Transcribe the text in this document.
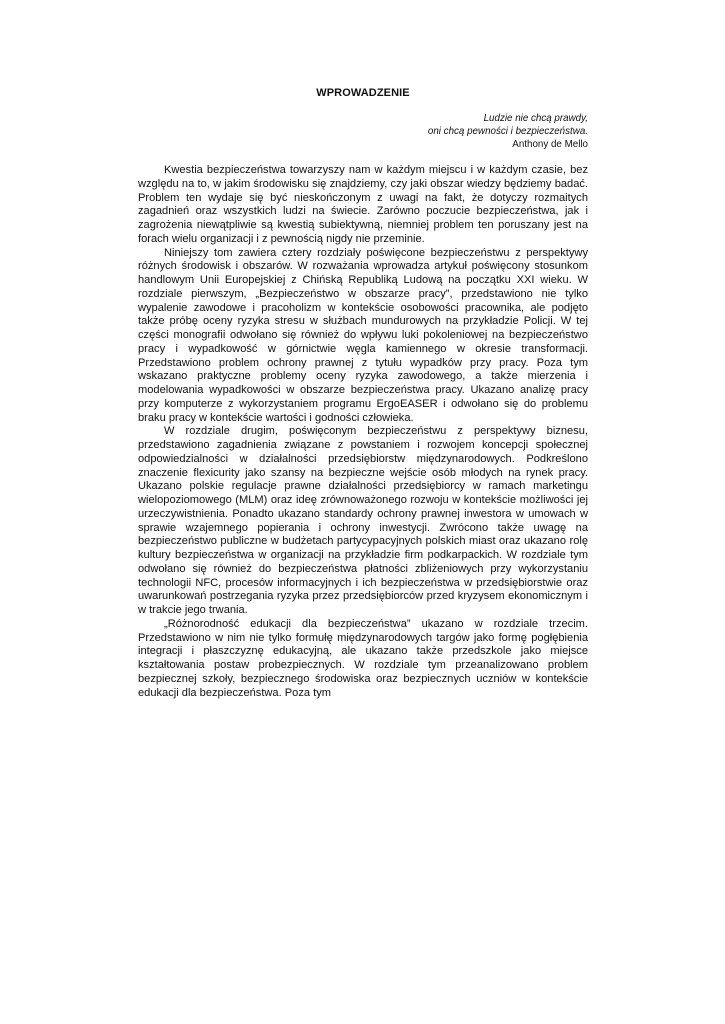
WPROWADZENIE
Ludzie nie chcą prawdy,
oni chcą pewności i bezpieczeństwa.
Anthony de Mello

Kwestia bezpieczeństwa towarzyszy nam w każdym miejscu i w każdym czasie, bez względu na to, w jakim środowisku się znajdziemy, czy jaki obszar wiedzy będziemy badać. Problem ten wydaje się być nieskończonym z uwagi na fakt, że dotyczy rozmaitych zagadnień oraz wszystkich ludzi na świecie. Zarówno poczucie bezpieczeństwa, jak i zagrożenia niewątpliwie są kwestią subiektywną, niemniej problem ten poruszany jest na forach wielu organizacji i z pewnością nigdy nie przeminie.

Niniejszy tom zawiera cztery rozdziały poświęcone bezpieczeństwu z perspektywy różnych środowisk i obszarów. W rozważania wprowadza artykuł poświęcony stosunkom handlowym Unii Europejskiej z Chińską Republiką Ludową na początku XXI wieku. W rozdziale pierwszym, „Bezpieczeństwo w obszarze pracy”, przedstawiono nie tylko wypalenie zawodowe i pracoholizm w kontekście osobowości pracownika, ale podjęto także próbę oceny ryzyka stresu w służbach mundurowych na przykładzie Policji. W tej części monografii odwołano się również do wpływu luki pokoleniowej na bezpieczeństwo pracy i wypadkowość w górnictwie węgla kamiennego w okresie transformacji. Przedstawiono problem ochrony prawnej z tytułu wypadków przy pracy. Poza tym wskazano praktyczne problemy oceny ryzyka zawodowego, a także mierzenia i modelowania wypadkowości w obszarze bezpieczeństwa pracy. Ukazano analizę pracy przy komputerze z wykorzystaniem programu ErgoEASER i odwołano się do problemu braku pracy w kontekście wartości i godności człowieka.

W rozdziale drugim, poświęconym bezpieczeństwu z perspektywy biznesu, przedstawiono zagadnienia związane z powstaniem i rozwojem koncepcji społecznej odpowiedzialności w działalności przedsiębiorstw międzynarodowych. Podkreślono znaczenie flexicurity jako szansy na bezpieczne wejście osób młodych na rynek pracy. Ukazano polskie regulacje prawne działalności przedsiębiorcy w ramach marketingu wielopoziomowego (MLM) oraz ideę zrównoważonego rozwoju w kontekście możliwości jej urzeczywistnienia. Ponadto ukazano standardy ochrony prawnej inwestora w umowach w sprawie wzajemnego popierania i ochrony inwestycji. Zwrócono także uwagę na bezpieczeństwo publiczne w budżetach partycypacyjnych polskich miast oraz ukazano rolę kultury bezpieczeństwa w organizacji na przykładzie firm podkarpackich. W rozdziale tym odwołano się również do bezpieczeństwa płatności zbliżeniowych przy wykorzystaniu technologii NFC, procesów informacyjnych i ich bezpieczeństwa w przedsiębiorstwie oraz uwarunkowań postrzegania ryzyka przez przedsiębiorców przed kryzysem ekonomicznym i w trakcie jego trwania.

„Różnorodność edukacji dla bezpieczeństwa” ukazano w rozdziale trzecim. Przedstawiono w nim nie tylko formułę międzynarodowych targów jako formę pogłębienia integracji i płaszczyznę edukacyjną, ale ukazano także przedszkole jako miejsce kształtowania postaw probezpiecznych. W rozdziale tym przeanalizowano problem bezpiecznej szkoły, bezpiecznego środowiska oraz bezpiecznych uczniów w kontekście edukacji dla bezpieczeństwa. Poza tym
